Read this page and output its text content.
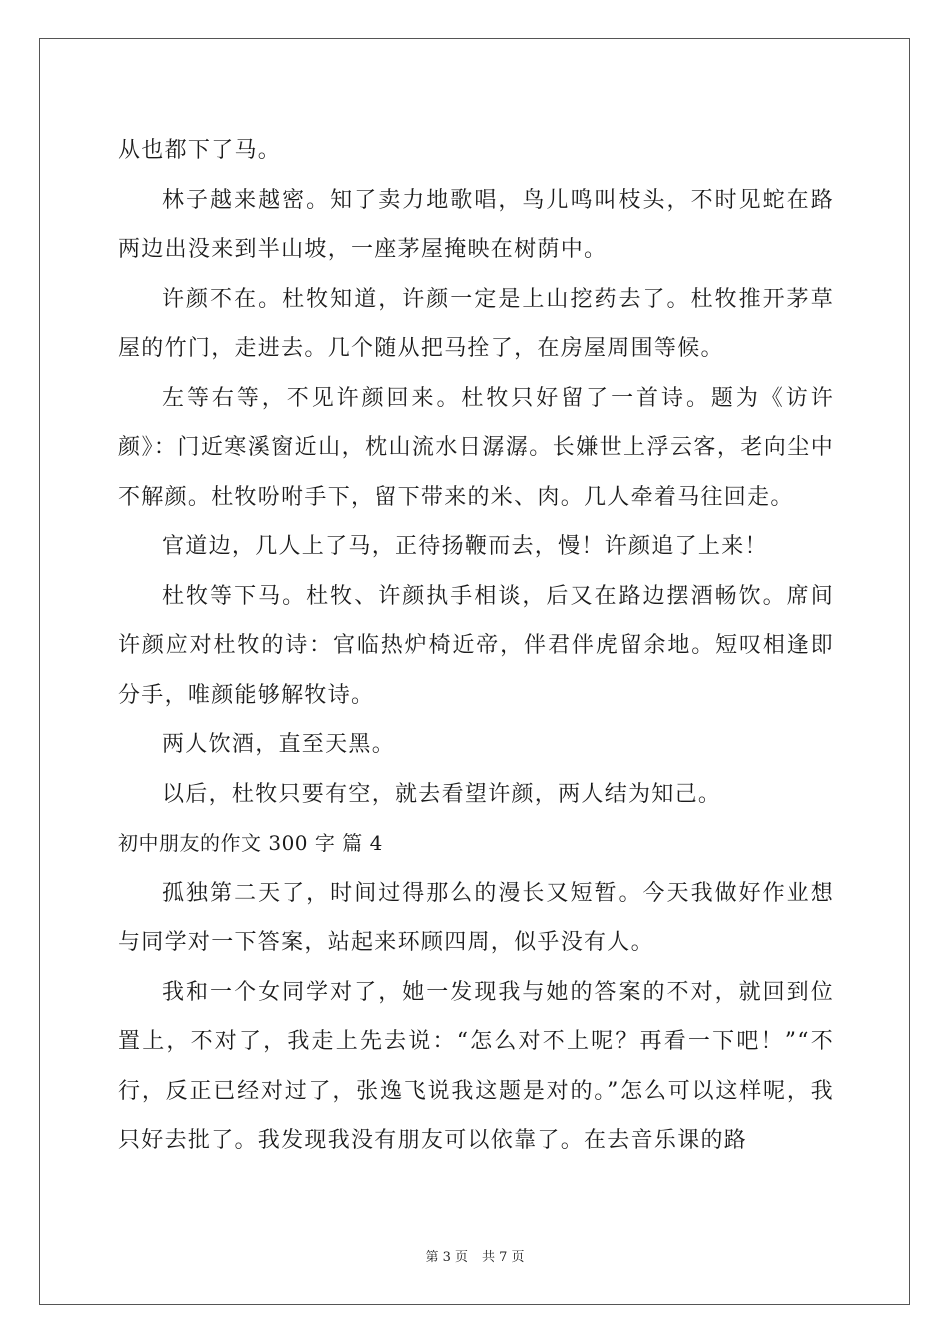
从也都下了马。

林子越来越密。知了卖力地歌唱，鸟儿鸣叫枝头，不时见蛇在路两边出没来到半山坡，一座茅屋掩映在树荫中。

许颜不在。杜牧知道，许颜一定是上山挖药去了。杜牧推开茅草屋的竹门，走进去。几个随从把马拴了，在房屋周围等候。

左等右等，不见许颜回来。杜牧只好留了一首诗。题为《访许颜》：门近寒溪窗近山，枕山流水日潺潺。长嫌世上浮云客，老向尘中不解颜。杜牧吩咐手下，留下带来的米、肉。几人牵着马往回走。

官道边，几人上了马，正待扬鞭而去，慢！许颜追了上来！

杜牧等下马。杜牧、许颜执手相谈，后又在路边摆酒畅饮。席间许颜应对杜牧的诗：官临热炉椅近帝，伴君伴虎留余地。短叹相逢即分手，唯颜能够解牧诗。

两人饮酒，直至天黑。

以后，杜牧只要有空，就去看望许颜，两人结为知己。

初中朋友的作文 300 字 篇 4

孤独第二天了，时间过得那么的漫长又短暂。今天我做好作业想与同学对一下答案，站起来环顾四周，似乎没有人。

我和一个女同学对了，她一发现我与她的答案的不对，就回到位置上，不对了，我走上先去说：“怎么对不上呢？再看一下吧！”“不行，反正已经对过了，张逸飞说我这题是对的。”怎么可以这样呢，我只好去批了。我发现我没有朋友可以依靠了。在去音乐课的路

第 3 页 共 7 页
